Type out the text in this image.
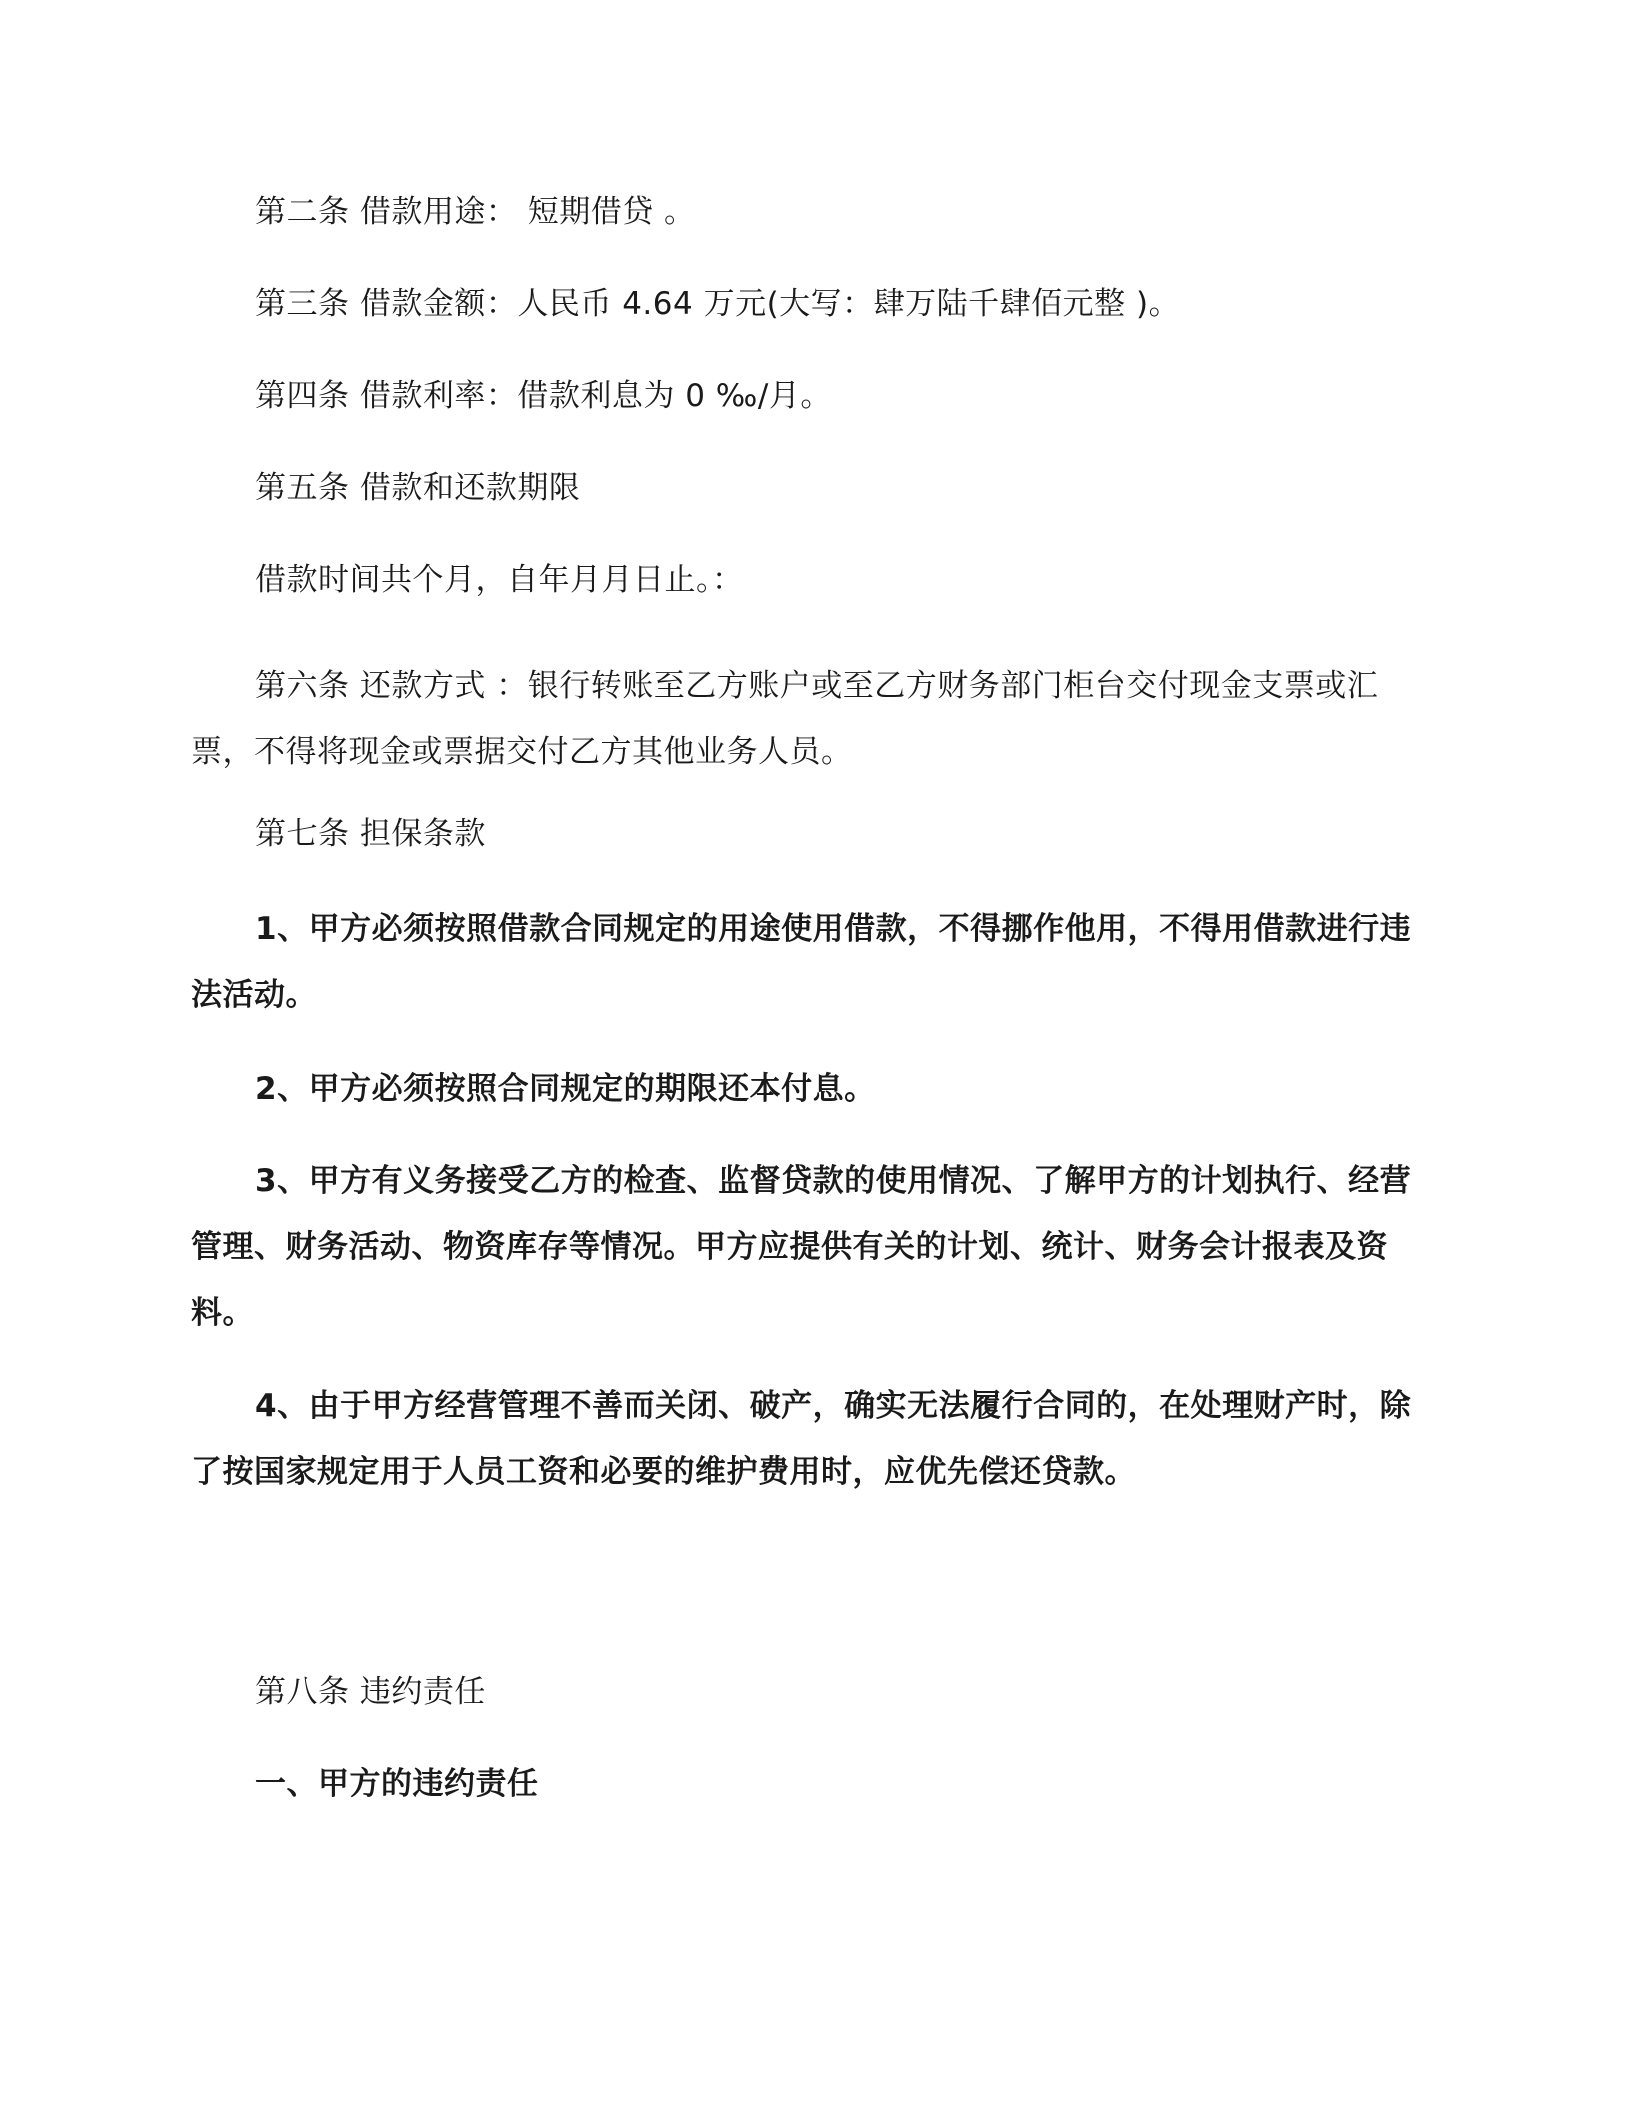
第二条 借款用途： 短期借贷 。

第三条 借款金额：人民币 4.64 万元(大写：肆万陆千肆佰元整 )。

第四条 借款利率：借款利息为 0 ‰/月。

第五条 借款和还款期限

借款时间共个月，自年月月日止。：

第六条 还款方式 ：银行转账至乙方账户或至乙方财务部门柜台交付现金支票或汇票，不得将现金或票据交付乙方其他业务人员。

第七条 担保条款

1、甲方必须按照借款合同规定的用途使用借款，不得挪作他用，不得用借款进行违法活动。

2、甲方必须按照合同规定的期限还本付息。

3、甲方有义务接受乙方的检查、监督贷款的使用情况、了解甲方的计划执行、经营管理、财务活动、物资库存等情况。甲方应提供有关的计划、统计、财务会计报表及资料。

4、由于甲方经营管理不善而关闭、破产，确实无法履行合同的，在处理财产时，除了按国家规定用于人员工资和必要的维护费用时，应优先偿还贷款。

第八条 违约责任

一、甲方的违约责任
